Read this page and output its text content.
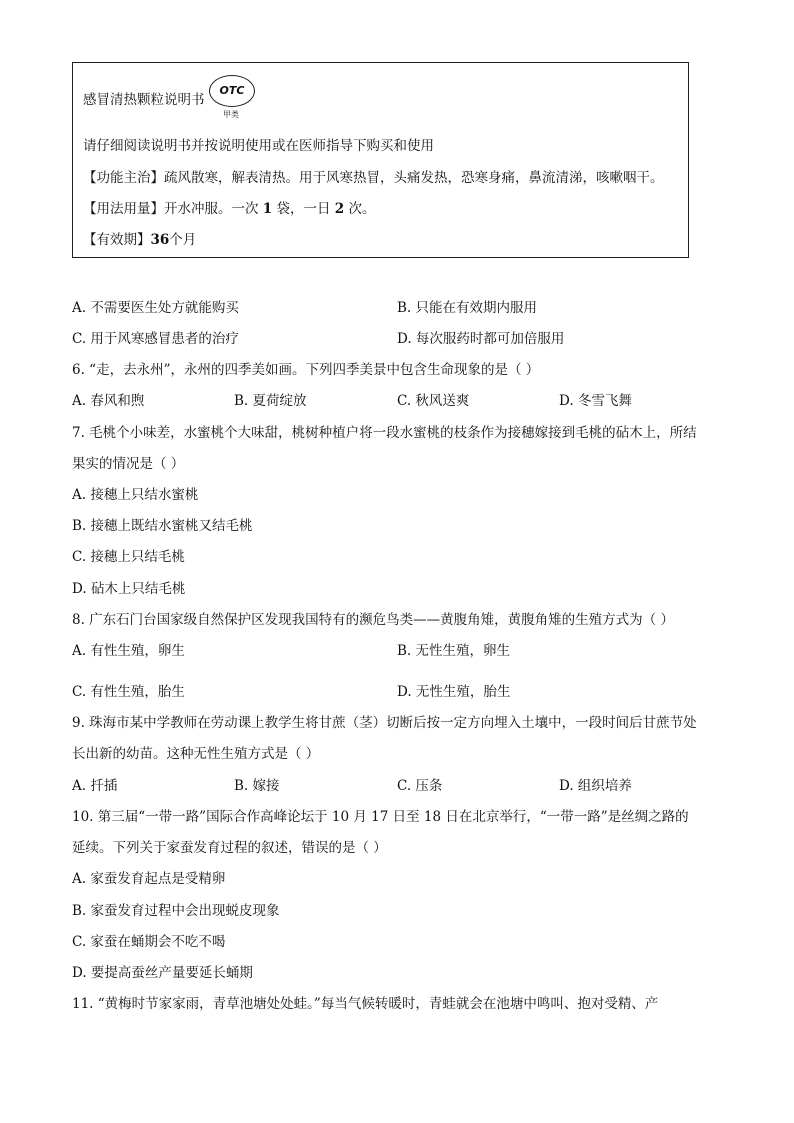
感冒清热颗粒说明书
OTC
甲类
请仔细阅读说明书并按说明使用或在医师指导下购买和使用
【功能主治】疏风散寒，解表清热。用于风寒热冒，头痛发热，恐寒身痛，鼻流清涕，咳嗽咽干。
【用法用量】开水冲服。一次 1 袋，一日 2 次。
【有效期】36个月
A. 不需要医生处方就能购买	B. 只能在有效期内服用
C. 用于风寒感冒患者的治疗	D. 每次服药时都可加倍服用
6. “走，去永州”，永州的四季美如画。下列四季美景中包含生命现象的是（ ）
A. 春风和煦	B. 夏荷绽放	C. 秋风送爽	D. 冬雪飞舞
7. 毛桃个小味差，水蜜桃个大味甜，桃树种植户将一段水蜜桃的枝条作为接穗嫁接到毛桃的砧木上，所结
果实的情况是（ ）
A. 接穗上只结水蜜桃
B. 接穗上既结水蜜桃又结毛桃
C. 接穗上只结毛桃
D. 砧木上只结毛桃
8. 广东石门台国家级自然保护区发现我国特有的濒危鸟类——黄腹角雉，黄腹角雉的生殖方式为（ ）
A. 有性生殖，卵生	B. 无性生殖，卵生
C. 有性生殖，胎生	D. 无性生殖，胎生
9. 珠海市某中学教师在劳动课上教学生将甘蔗（茎）切断后按一定方向埋入土壤中，一段时间后甘蔗节处
长出新的幼苗。这种无性生殖方式是（ ）
A. 扦插	B. 嫁接	C. 压条	D. 组织培养
10. 第三届“一带一路”国际合作高峰论坛于 10 月 17 日至 18 日在北京举行，“一带一路”是丝绸之路的
延续。下列关于家蚕发育过程的叙述，错误的是（ ）
A. 家蚕发育起点是受精卵
B. 家蚕发育过程中会出现蜕皮现象
C. 家蚕在蛹期会不吃不喝
D. 要提高蚕丝产量要延长蛹期
11. “黄梅时节家家雨，青草池塘处处蛙。”每当气候转暖时，青蛙就会在池塘中鸣叫、抱对受精、产
